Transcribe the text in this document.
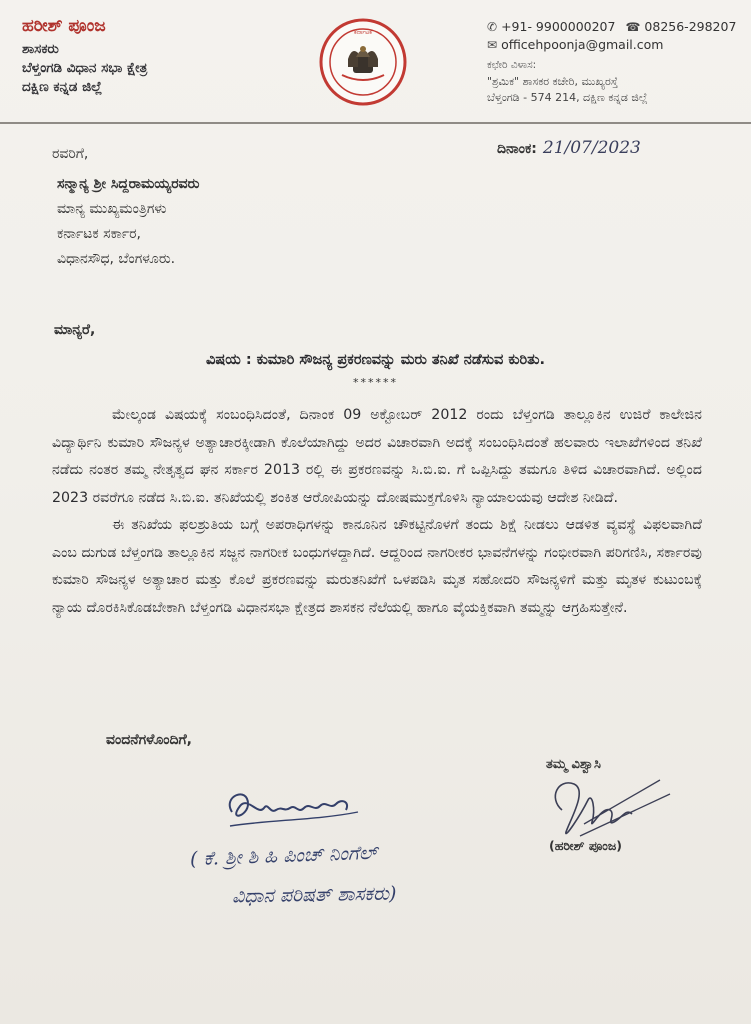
ಹರೀಶ್ ಪೂಂಜ
ಶಾಸಕರು
ಬೆಳ್ತಂಗಡಿ ವಿಧಾನ ಸಭಾ ಕ್ಷೇತ್ರ
ದಕ್ಷಿಣ ಕನ್ನಡ ಜಿಲ್ಲೆ
ಕರ್ನಾಟಕ	✆ +91- 9900000207 ☎ 08256-298207
✉ officehpoonja@gmail.com
ಕಛೇರಿ ವಿಳಾಸ:
"ಶ್ರಮಿಕ" ಶಾಸಕರ ಕಚೇರಿ, ಮುಖ್ಯರಸ್ತೆ
ಬೆಳ್ತಂಗಡಿ - 574 214, ದಕ್ಷಿಣ ಕನ್ನಡ ಜಿಲ್ಲೆ
ದಿನಾಂಕ: 21/07/2023
ರವರಿಗೆ,
ಸನ್ಮಾನ್ಯ ಶ್ರೀ ಸಿದ್ದರಾಮಯ್ಯರವರು
ಮಾನ್ಯ ಮುಖ್ಯಮಂತ್ರಿಗಳು
ಕರ್ನಾಟಕ ಸರ್ಕಾರ,
ವಿಧಾನಸೌಧ, ಬೆಂಗಳೂರು.
ಮಾನ್ಯರೆ,
ವಿಷಯ : ಕುಮಾರಿ ಸೌಜನ್ಯ ಪ್ರಕರಣವನ್ನು ಮರು ತನಿಖೆ ನಡೆಸುವ ಕುರಿತು.
******

ಮೇಲ್ಕಂಡ ವಿಷಯಕ್ಕೆ ಸಂಬಂಧಿಸಿದಂತೆ, ದಿನಾಂಕ 09 ಅಕ್ಟೋಬರ್ 2012 ರಂದು ಬೆಳ್ತಂಗಡಿ ತಾಲ್ಲೂಕಿನ ಉಜಿರೆ ಕಾಲೇಜಿನ ವಿದ್ಯಾರ್ಥಿನಿ ಕುಮಾರಿ ಸೌಜನ್ಯಳ ಅತ್ಯಾಚಾರಕ್ಕೀಡಾಗಿ ಕೊಲೆಯಾಗಿದ್ದು ಅದರ ವಿಚಾರವಾಗಿ ಅದಕ್ಕೆ ಸಂಬಂಧಿಸಿದಂತೆ ಹಲವಾರು ಇಲಾಖೆಗಳಿಂದ ತನಿಖೆ ನಡೆದು ನಂತರ ತಮ್ಮ ನೇತೃತ್ವದ ಘನ ಸರ್ಕಾರ 2013 ರಲ್ಲಿ ಈ ಪ್ರಕರಣವನ್ನು ಸಿ.ಬಿ.ಐ. ಗೆ ಒಪ್ಪಿಸಿದ್ದು ತಮಗೂ ತಿಳಿದ ವಿಚಾರವಾಗಿದೆ. ಅಲ್ಲಿಂದ 2023 ರವರೆಗೂ ನಡೆದ ಸಿ.ಬಿ.ಐ. ತನಿಖೆಯಲ್ಲಿ ಶಂಕಿತ ಆರೋಪಿಯನ್ನು ದೋಷಮುಕ್ತಗೊಳಿಸಿ ನ್ಯಾಯಾಲಯವು ಆದೇಶ ನೀಡಿದೆ.

ಈ ತನಿಖೆಯ ಫಲಶ್ರುತಿಯ ಬಗ್ಗೆ ಅಪರಾಧಿಗಳನ್ನು ಕಾನೂನಿನ ಚೌಕಟ್ಟಿನೊಳಗೆ ತಂದು ಶಿಕ್ಷೆ ನೀಡಲು ಆಡಳಿತ ವ್ಯವಸ್ಥೆ ವಿಫಲವಾಗಿದೆ ಎಂಬ ದುಗುಡ ಬೆಳ್ತಂಗಡಿ ತಾಲ್ಲೂಕಿನ ಸಜ್ಜನ ನಾಗರೀಕ ಬಂಧುಗಳದ್ದಾಗಿದೆ. ಆದ್ದರಿಂದ ನಾಗರೀಕರ ಭಾವನೆಗಳನ್ನು ಗಂಭೀರವಾಗಿ ಪರಿಗಣಿಸಿ, ಸರ್ಕಾರವು ಕುಮಾರಿ ಸೌಜನ್ಯಳ ಅತ್ಯಾಚಾರ ಮತ್ತು ಕೊಲೆ ಪ್ರಕರಣವನ್ನು ಮರುತನಿಖೆಗೆ ಒಳಪಡಿಸಿ ಮೃತ ಸಹೋದರಿ ಸೌಜನ್ಯಳಿಗೆ ಮತ್ತು ಮೃತಳ ಕುಟುಂಬಕ್ಕೆ ನ್ಯಾಯ ದೊರಕಿಸಿಕೊಡಬೇಕಾಗಿ ಬೆಳ್ತಂಗಡಿ ವಿಧಾನಸಭಾ ಕ್ಷೇತ್ರದ ಶಾಸಕನ ನೆಲೆಯಲ್ಲಿ ಹಾಗೂ ವೈಯಕ್ತಿಕವಾಗಿ ತಮ್ಮನ್ನು ಆಗ್ರಹಿಸುತ್ತೇನೆ.

ವಂದನೆಗಳೊಂದಿಗೆ,
ತಮ್ಮ ವಿಶ್ವಾಸಿ
(ಹರೀಶ್ ಪೂಂಜ)
( ಕೆ. ಶ್ರೀ ಶಿ ಹಿ ಪಿಂಚ್ ನಿಂಗೆಲ್
ವಿಧಾನ ಪರಿಷತ್ ಶಾಸಕರು)
